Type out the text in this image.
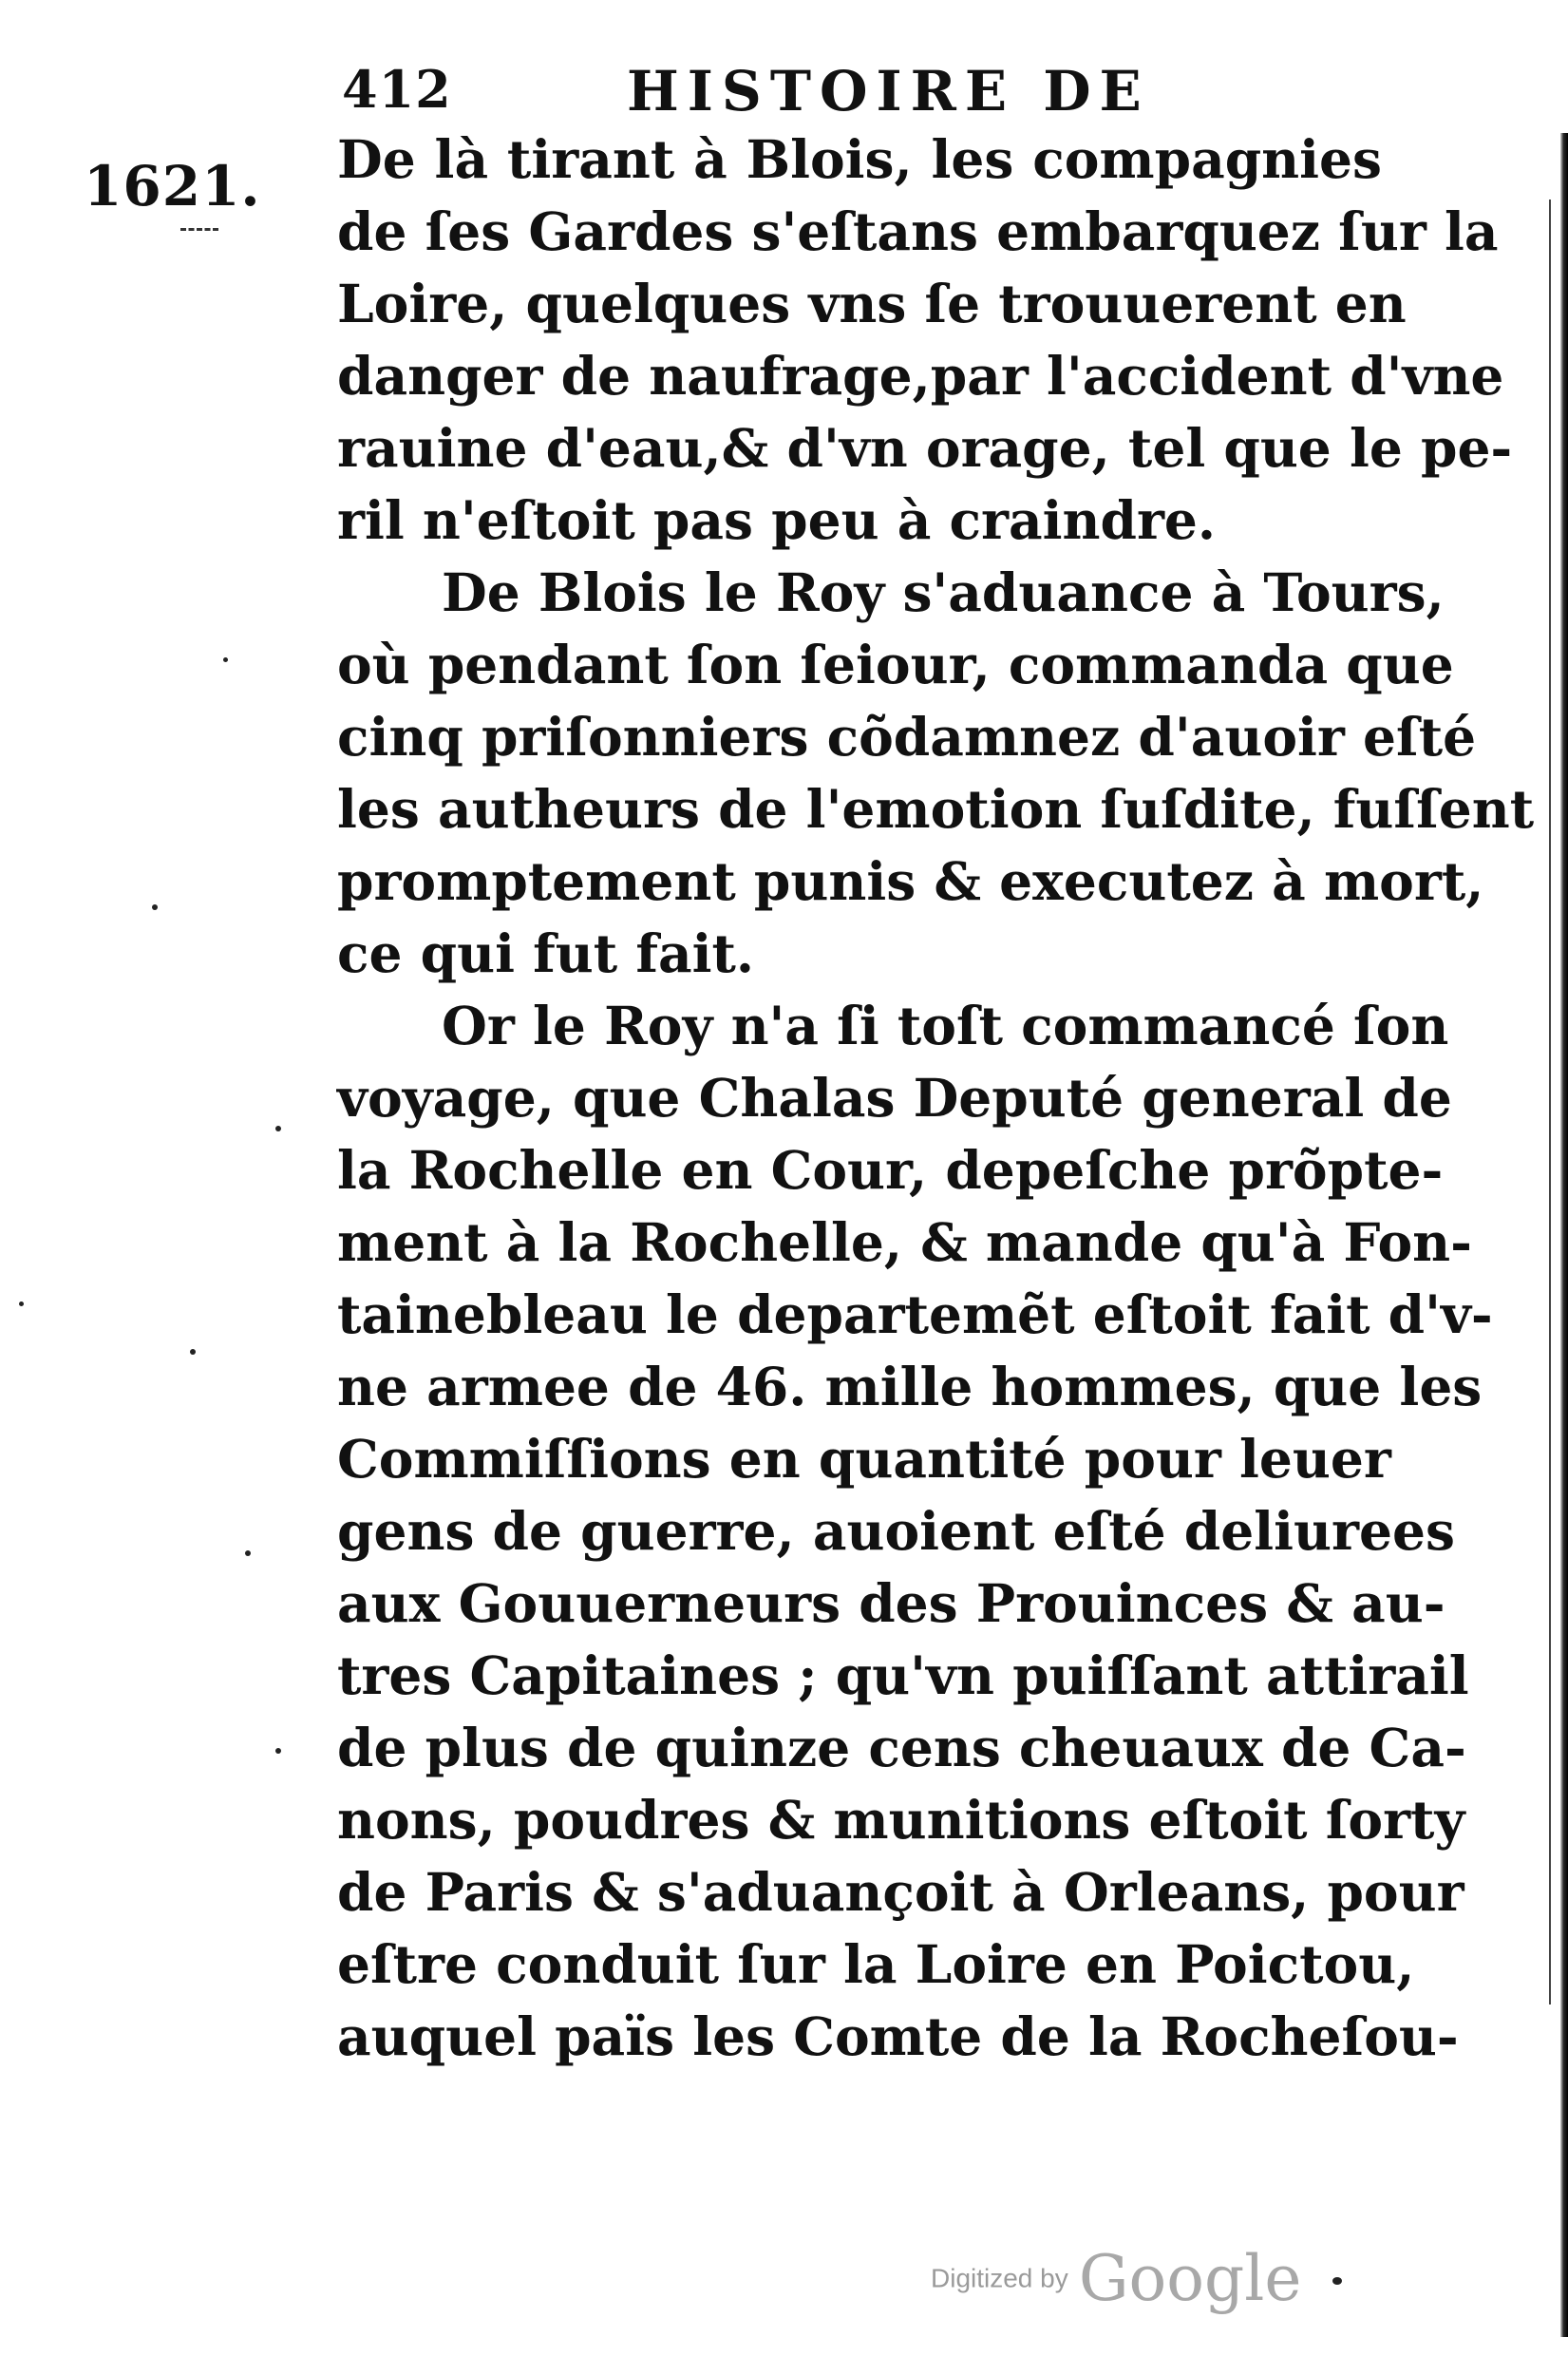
412	HISTOIRE DE
1621. De là tirant à Blois, les compagnies
de ſes Gardes s'eſtans embarquez ſur la
Loire, quelques vns ſe trouuerent en
danger de naufrage,par l'accident d'vne
rauine d'eau,& d'vn orage, tel que le pe-
ril n'eſtoit pas peu à craindre.
De Blois le Roy s'aduance à Tours,
où pendant ſon ſeiour, commanda que
cinq priſonniers cõdamnez d'auoir eſté
les autheurs de l'emotion ſuſdite, fuſſent
promptement punis & executez à mort,
ce qui fut fait.
Or le Roy n'a ſi toſt commancé ſon
voyage, que Chalas Deputé general de
la Rochelle en Cour, depeſche prõpte-
ment à la Rochelle, & mande qu'à Fon-
tainebleau le departemẽt eſtoit fait d'v-
ne armee de 46. mille hommes, que les
Commiſſions en quantité pour leuer
gens de guerre, auoient eſté deliurees
aux Gouuerneurs des Prouinces & au-
tres Capitaines ; qu'vn puiſſant attirail
de plus de quinze cens cheuaux de Ca-
nons, poudres & munitions eſtoit ſorty
de Paris & s'aduançoit à Orleans, pour
eſtre conduit ſur la Loire en Poictou,
auquel païs les Comte de la Rocheſou-
Digitized by Google
